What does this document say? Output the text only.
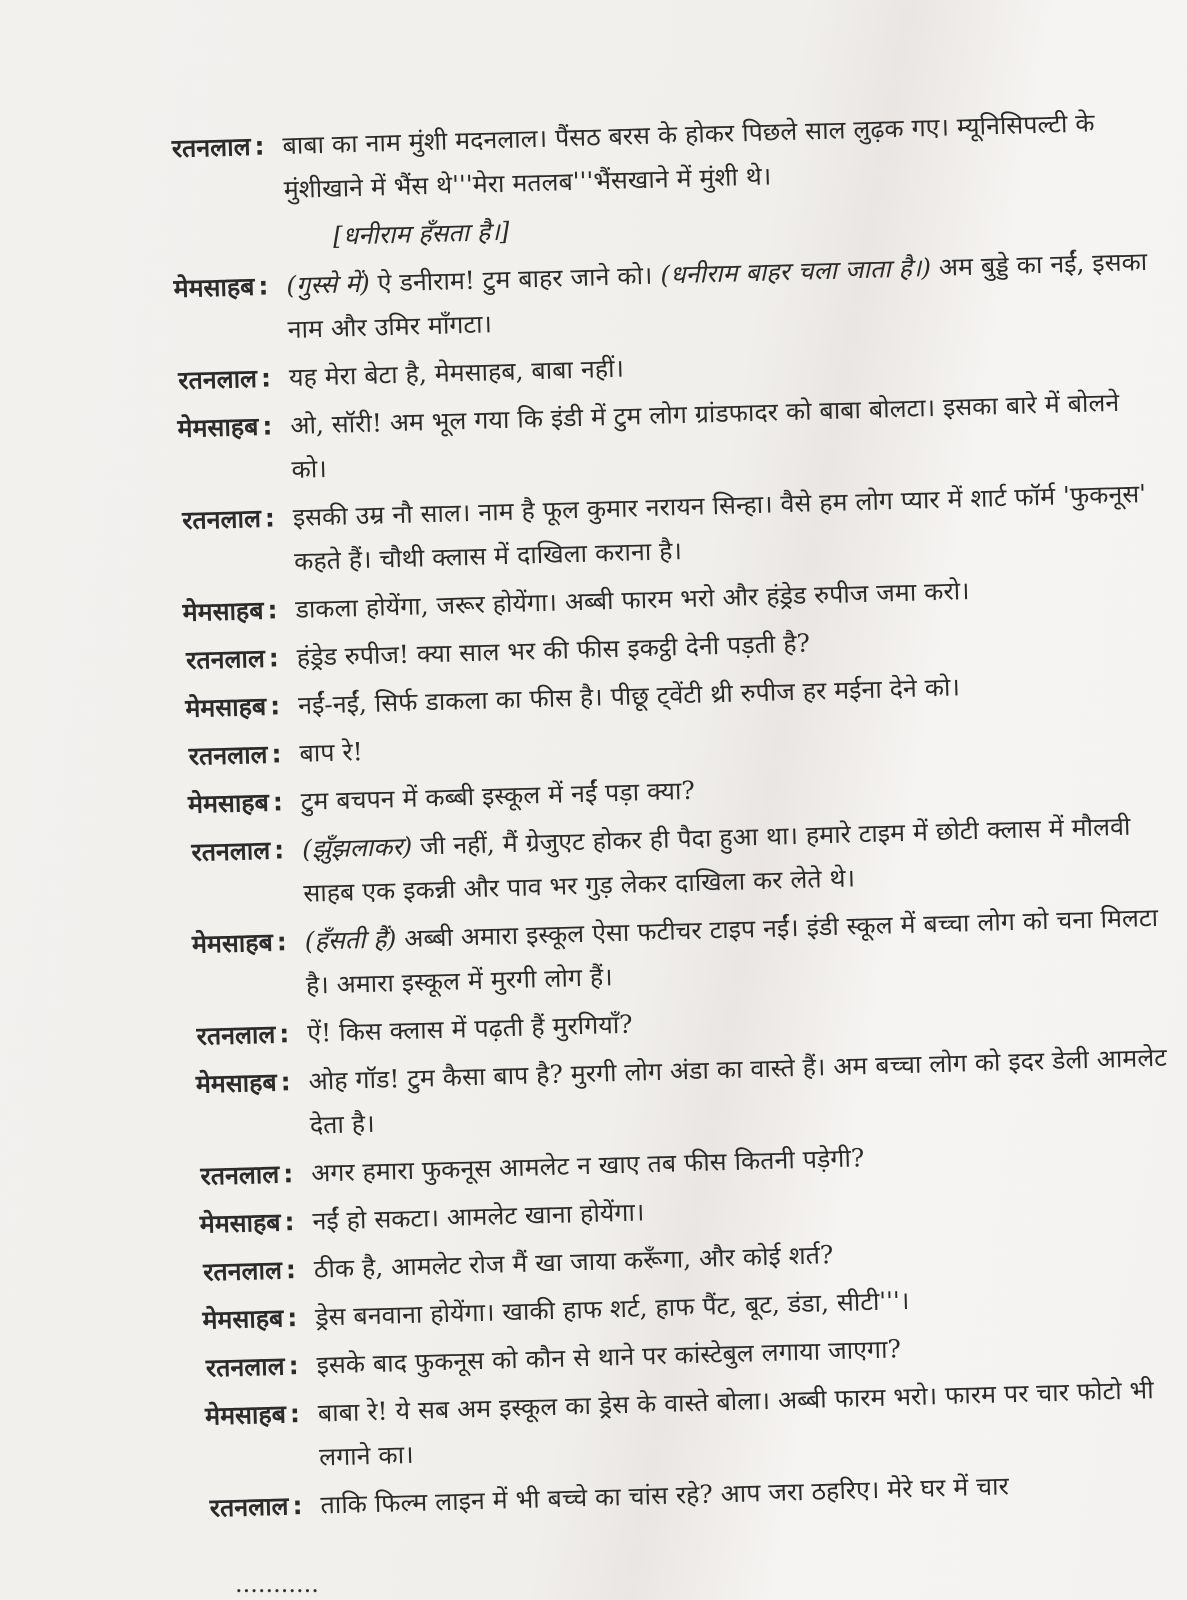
रतनलाल : बाबा का नाम मुंशी मदनलाल। पैंसठ बरस के होकर पिछले साल लुढ़क गए। म्यूनिसिपल्टी के मुंशीखाने में भैंस थे'''मेरा मतलब'''भैंसखाने में मुंशी थे।
[धनीराम हँसता है।]
मेमसाहब : (गुस्से में) ऐ डनीराम! टुम बाहर जाने को। (धनीराम बाहर चला जाता है।) अम बुड्डे का नईं, इसका नाम और उमिर माँगटा।
रतनलाल : यह मेरा बेटा है, मेमसाहब, बाबा नहीं।
मेमसाहब : ओ, सॉरी! अम भूल गया कि इंडी में टुम लोग ग्रांडफादर को बाबा बोलटा। इसका बारे में बोलने को।
रतनलाल : इसकी उम्र नौ साल। नाम है फूल कुमार नरायन सिन्हा। वैसे हम लोग प्यार में शार्ट फॉर्म 'फुकनूस' कहते हैं। चौथी क्लास में दाखिला कराना है।
मेमसाहब : डाकला होयेंगा, जरूर होयेंगा। अब्बी फारम भरो और हंड्रेड रुपीज जमा करो।
रतनलाल : हंड्रेड रुपीज! क्या साल भर की फीस इकट्ठी देनी पड़ती है?
मेमसाहब : नईं-नईं, सिर्फ डाकला का फीस है। पीछू ट्वेंटी थ्री रुपीज हर मईना देने को।
रतनलाल : बाप रे!
मेमसाहब : टुम बचपन में कब्बी इस्कूल में नईं पड़ा क्या?
रतनलाल : (झुँझलाकर) जी नहीं, मैं ग्रेजुएट होकर ही पैदा हुआ था। हमारे टाइम में छोटी क्लास में मौलवी साहब एक इकन्नी और पाव भर गुड़ लेकर दाखिला कर लेते थे।
मेमसाहब : (हँसती हैं) अब्बी अमारा इस्कूल ऐसा फटीचर टाइप नईं। इंडी स्कूल में बच्चा लोग को चना मिलटा है। अमारा इस्कूल में मुरगी लोग हैं।
रतनलाल : ऐं! किस क्लास में पढ़ती हैं मुरगियाँ?
मेमसाहब : ओह गॉड! टुम कैसा बाप है? मुरगी लोग अंडा का वास्ते हैं। अम बच्चा लोग को इदर डेली आमलेट देता है।
रतनलाल : अगर हमारा फुकनूस आमलेट न खाए तब फीस कितनी पड़ेगी?
मेमसाहब : नईं हो सकटा। आमलेट खाना होयेंगा।
रतनलाल : ठीक है, आमलेट रोज मैं खा जाया करूँगा, और कोई शर्त?
मेमसाहब : ड्रेस बनवाना होयेंगा। खाकी हाफ शर्ट, हाफ पैंट, बूट, डंडा, सीटी'''।
रतनलाल : इसके बाद फुकनूस को कौन से थाने पर कांस्टेबुल लगाया जाएगा?
मेमसाहब : बाबा रे! ये सब अम इस्कूल का ड्रेस के वास्ते बोला। अब्बी फारम भरो। फारम पर चार फोटो भी लगाने का।
रतनलाल : ताकि फिल्म लाइन में भी बच्चे का चांस रहे? आप जरा ठहरिए। मेरे घर में चार
...........
